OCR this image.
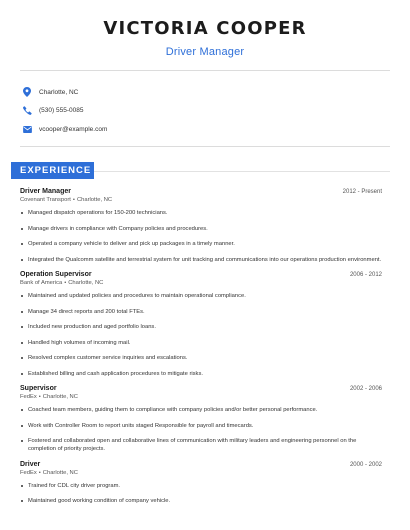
VICTORIA COOPER
Driver Manager
Charlotte, NC
(530) 555-0085
vcooper@example.com
EXPERIENCE
Driver Manager	2012 - Present
Covenant Transport • Charlotte, NC
Managed dispatch operations for 150-200 technicians.
Manage drivers in compliance with Company policies and procedures.
Operated a company vehicle to deliver and pick up packages in a timely manner.
Integrated the Qualcomm satellite and terrestrial system for unit tracking and communications into our operations production environment.
Operation Supervisor	2006 - 2012
Bank of America • Charlotte, NC
Maintained and updated policies and procedures to maintain operational compliance.
Manage 34 direct reports and 200 total FTEs.
Included new production and aged portfolio loans.
Handled high volumes of incoming mail.
Resolved complex customer service inquiries and escalations.
Established billing and cash application procedures to mitigate risks.
Supervisor	2002 - 2006
FedEx • Charlotte, NC
Coached team members, guiding them to compliance with company policies and/or better personal performance.
Work with Controller Room to report units staged Responsible for payroll and timecards.
Fostered and collaborated open and collaborative lines of communication with military leaders and engineering personnel on the completion of priority projects.
Driver	2000 - 2002
FedEx • Charlotte, NC
Trained for CDL city driver program.
Maintained good working condition of company vehicle.
